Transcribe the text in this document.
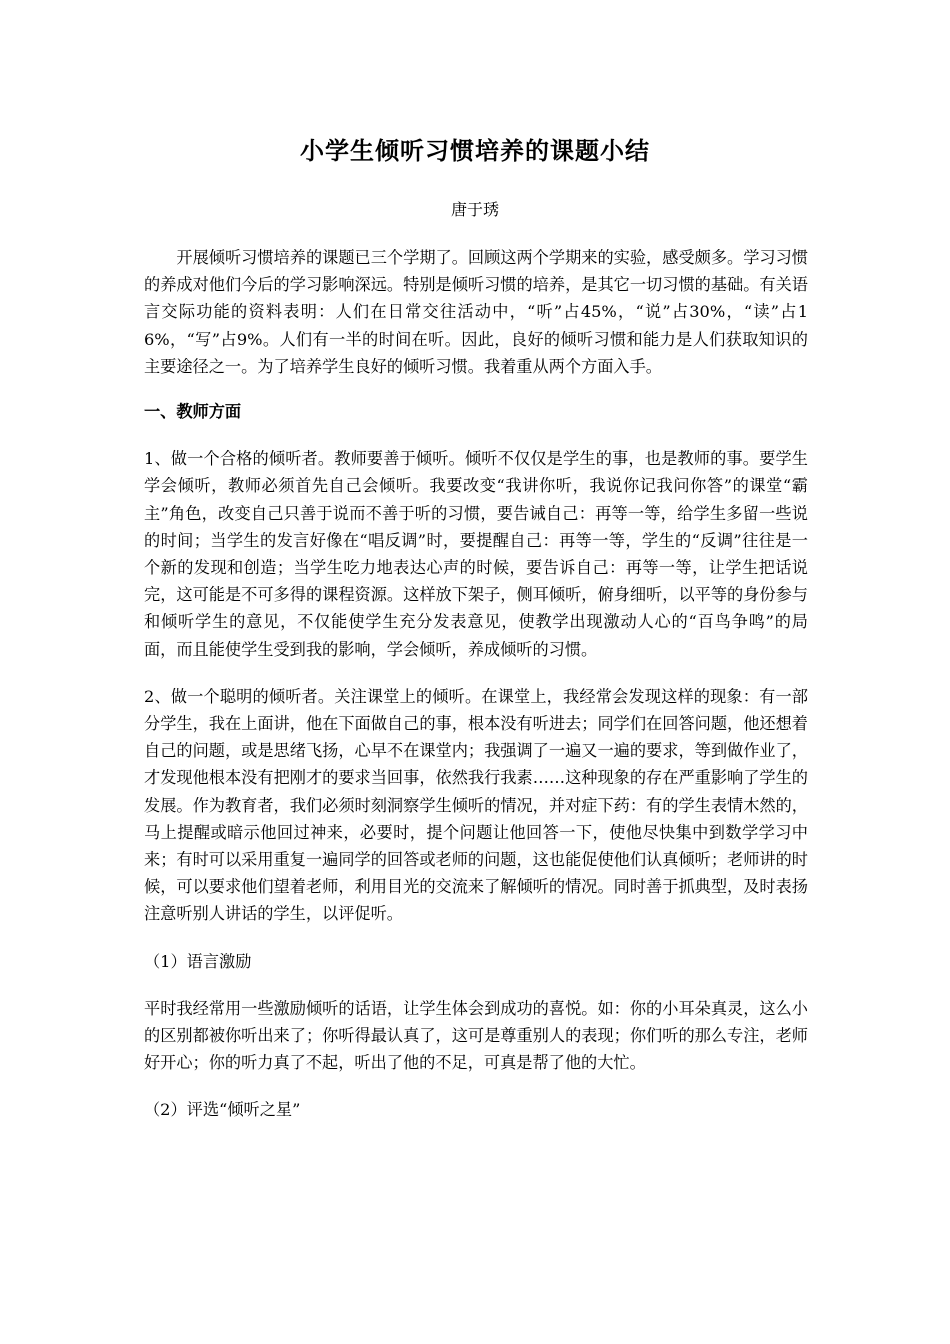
小学生倾听习惯培养的课题小结

唐于琇

开展倾听习惯培养的课题已三个学期了。回顾这两个学期来的实验，感受颇多。学习习惯的养成对他们今后的学习影响深远。特别是倾听习惯的培养，是其它一切习惯的基础。有关语言交际功能的资料表明：人们在日常交往活动中，“听”占45%，“说”占30%，“读”占16%，“写”占9%。人们有一半的时间在听。因此，良好的倾听习惯和能力是人们获取知识的主要途径之一。为了培养学生良好的倾听习惯。我着重从两个方面入手。

一、教师方面

1、做一个合格的倾听者。教师要善于倾听。倾听不仅仅是学生的事，也是教师的事。要学生学会倾听，教师必须首先自己会倾听。我要改变“我讲你听，我说你记我问你答”的课堂“霸主”角色，改变自己只善于说而不善于听的习惯，要告诫自己：再等一等，给学生多留一些说的时间；当学生的发言好像在“唱反调”时，要提醒自己：再等一等，学生的“反调”往往是一个新的发现和创造；当学生吃力地表达心声的时候，要告诉自己：再等一等，让学生把话说完，这可能是不可多得的课程资源。这样放下架子，侧耳倾听，俯身细听，以平等的身份参与和倾听学生的意见，不仅能使学生充分发表意见，使教学出现激动人心的“百鸟争鸣”的局面，而且能使学生受到我的影响，学会倾听，养成倾听的习惯。

2、做一个聪明的倾听者。关注课堂上的倾听。在课堂上，我经常会发现这样的现象：有一部分学生，我在上面讲，他在下面做自己的事，根本没有听进去；同学们在回答问题，他还想着自己的问题，或是思绪飞扬，心早不在课堂内；我强调了一遍又一遍的要求，等到做作业了，才发现他根本没有把刚才的要求当回事，依然我行我素……这种现象的存在严重影响了学生的发展。作为教育者，我们必须时刻洞察学生倾听的情况，并对症下药：有的学生表情木然的，马上提醒或暗示他回过神来，必要时，提个问题让他回答一下，使他尽快集中到数学学习中来；有时可以采用重复一遍同学的回答或老师的问题，这也能促使他们认真倾听；老师讲的时候，可以要求他们望着老师，利用目光的交流来了解倾听的情况。同时善于抓典型，及时表扬注意听别人讲话的学生，以评促听。

（1）语言激励

平时我经常用一些激励倾听的话语，让学生体会到成功的喜悦。如：你的小耳朵真灵，这么小的区别都被你听出来了；你听得最认真了，这可是尊重别人的表现；你们听的那么专注，老师好开心；你的听力真了不起，听出了他的不足，可真是帮了他的大忙。

（2）评选“倾听之星”
